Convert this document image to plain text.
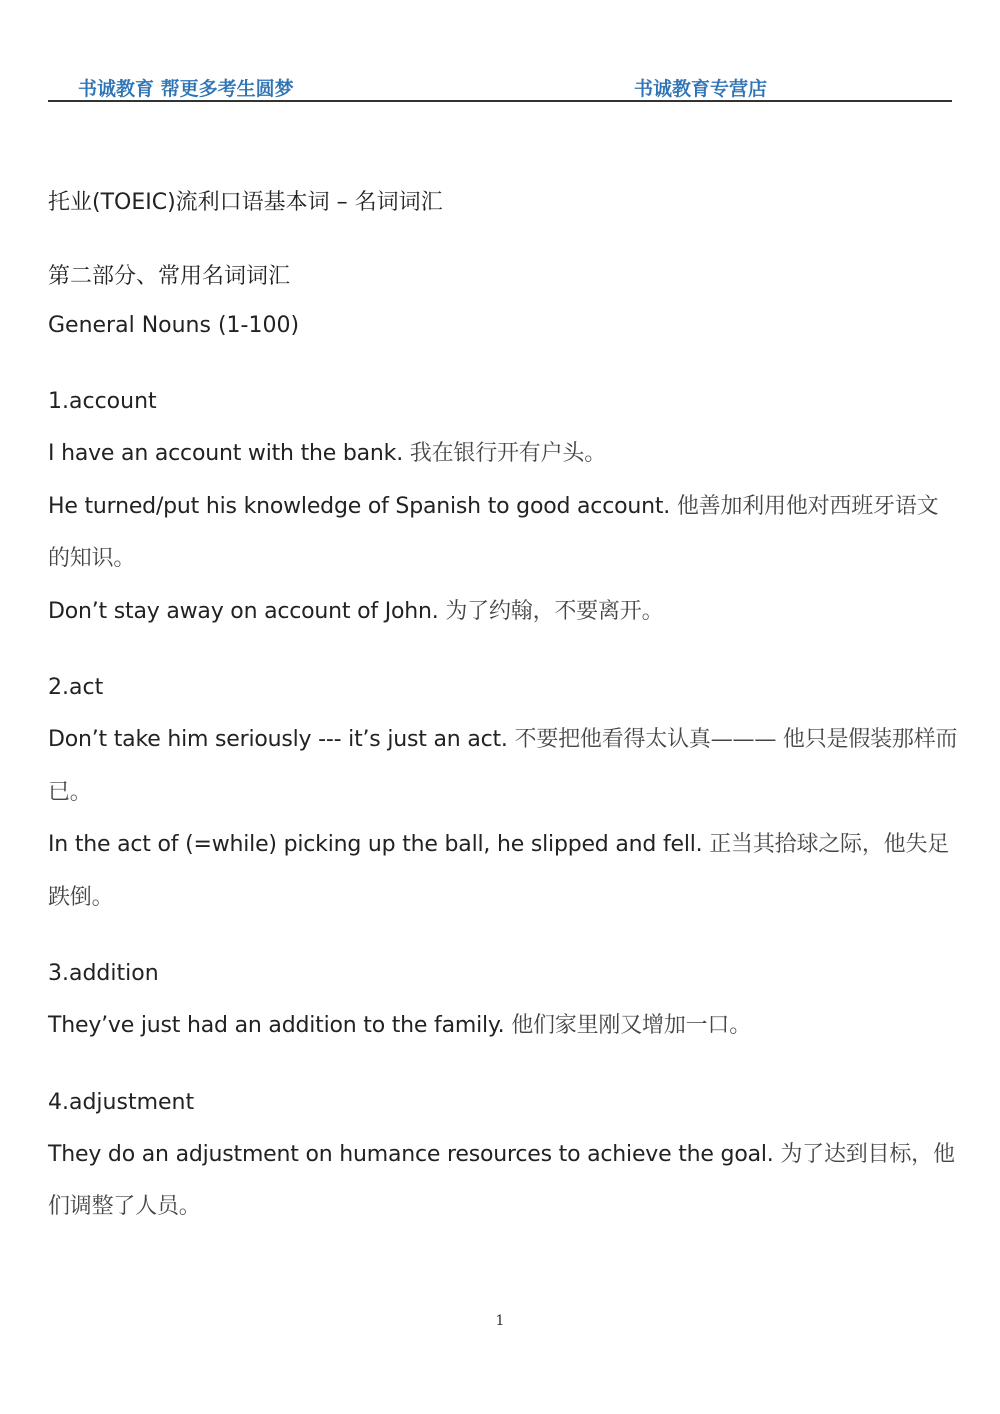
书诚教育 帮更多考生圆梦	书诚教育专营店

托业(TOEIC)流利口语基本词 – 名词词汇

第二部分、常用名词词汇

General Nouns (1-100)

1.account

I have an account with the bank. 我在银行开有户头。

He turned/put his knowledge of Spanish to good account. 他善加利用他对西班牙语文的知识。

Don’t stay away on account of John. 为了约翰，不要离开。

2.act

Don’t take him seriously --- it’s just an act. 不要把他看得太认真——— 他只是假装那样而已。

In the act of (=while) picking up the ball, he slipped and fell. 正当其拾球之际，他失足跌倒。

3.addition

They’ve just had an addition to the family. 他们家里刚又增加一口。

4.adjustment

They do an adjustment on humance resources to achieve the goal. 为了达到目标，他们调整了人员。

1
